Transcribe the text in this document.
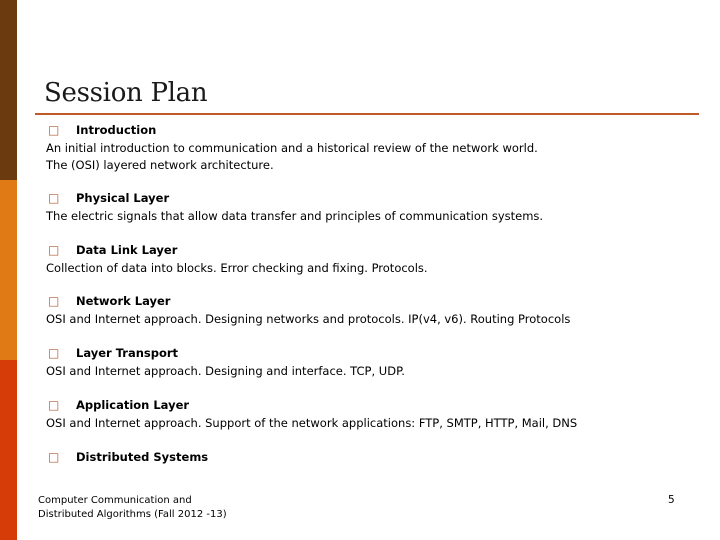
Session Plan
□
Introduction
An initial introduction to communication and a historical review of the network world.
The (OSI) layered network architecture.
□
Physical Layer
The electric signals that allow data transfer and principles of communication systems.
□
Data Link Layer
Collection of data into blocks. Error checking and fixing. Protocols.
□
Network Layer
OSI and Internet approach. Designing networks and protocols. IP(v4, v6). Routing Protocols
□
Layer Transport
OSI and Internet approach. Designing and interface. TCP, UDP.
□
Application Layer
OSI and Internet approach. Support of the network applications: FTP, SMTP, HTTP, Mail, DNS
□
Distributed Systems
Computer Communication and Distributed Algorithms (Fall 2012 -13)
5
